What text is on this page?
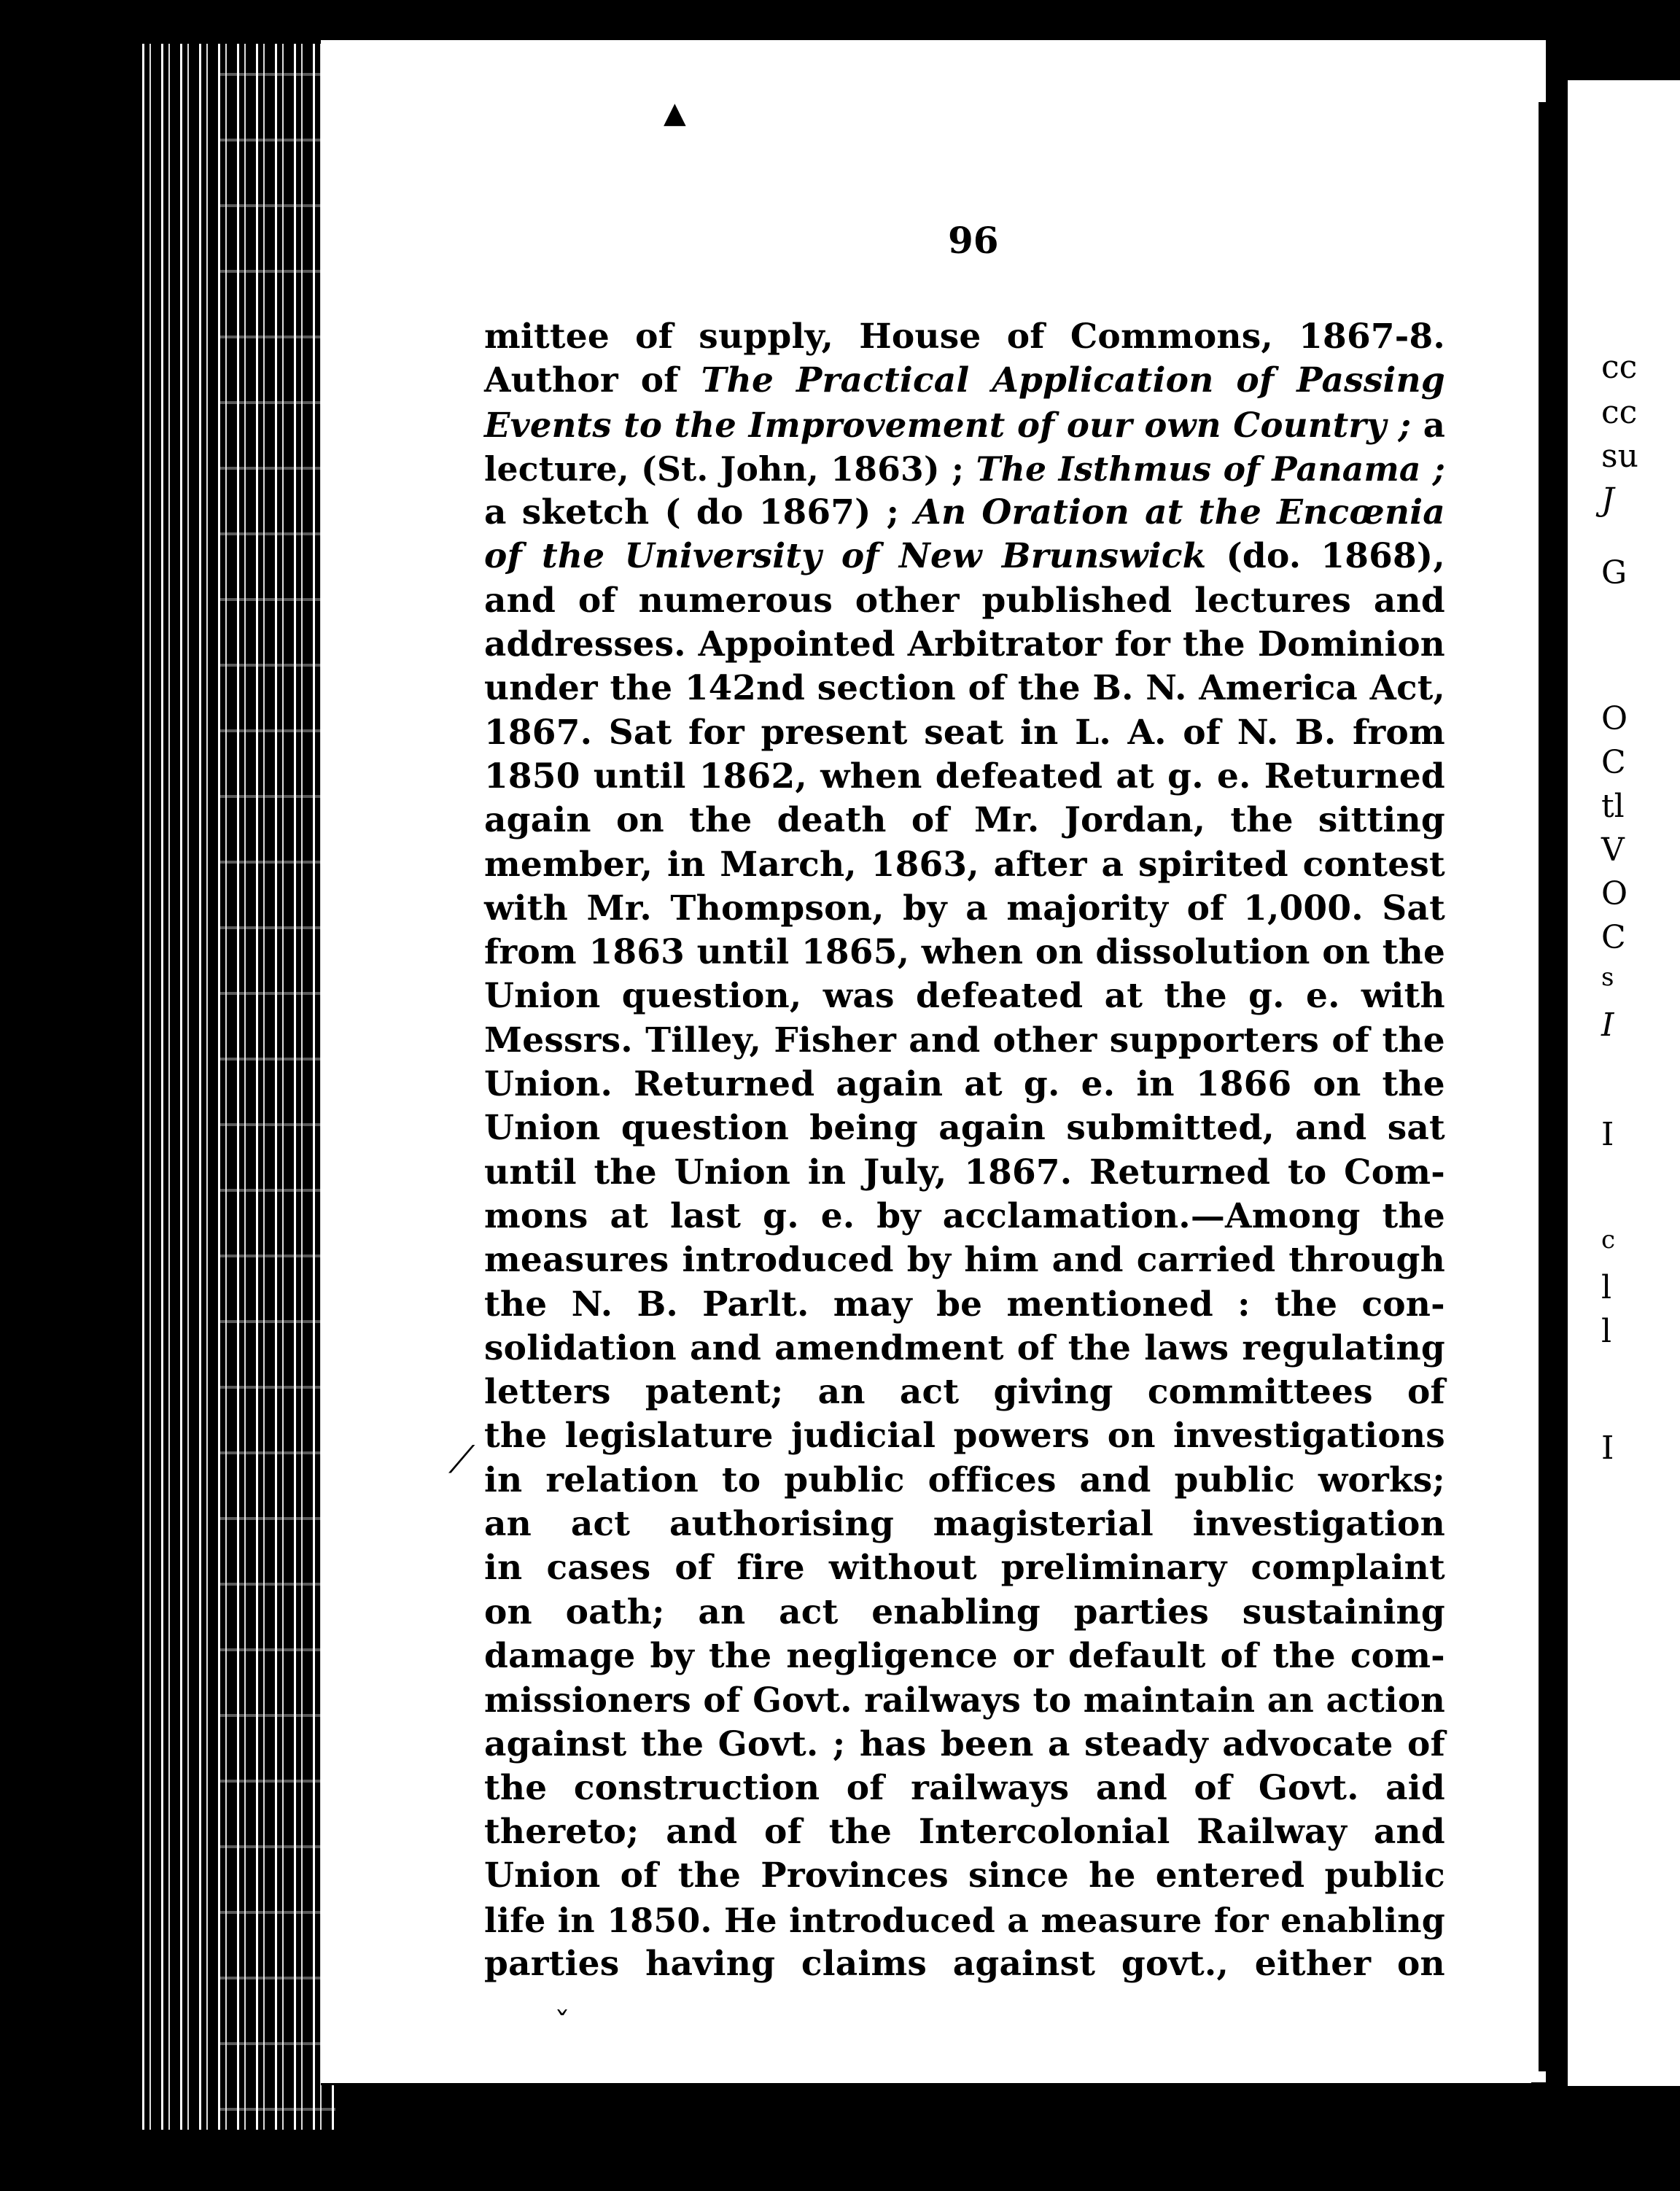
cc
cc
su
J
G
O
C
tl
V
O
C
s
I
I
c
l
l
I
96
mittee of supply, House of Commons, 1867-8.
Author of The Practical Application of Passing
Events to the Improvement of our own Country ; a
lecture, (St. John, 1863) ; The Isthmus of Panama ;
a sketch ( do 1867) ; An Oration at the Encœnia
of the University of New Brunswick (do. 1868),
and of numerous other published lectures and
addresses. Appointed Arbitrator for the Dominion
under the 142nd section of the B. N. America Act,
1867. Sat for present seat in L. A. of N. B. from
1850 until 1862, when defeated at g. e. Returned
again on the death of Mr. Jordan, the sitting
member, in March, 1863, after a spirited contest
with Mr. Thompson, by a majority of 1,000. Sat
from 1863 until 1865, when on dissolution on the
Union question, was defeated at the g. e. with
Messrs. Tilley, Fisher and other supporters of the
Union. Returned again at g. e. in 1866 on the
Union question being again submitted, and sat
until the Union in July, 1867. Returned to Com-
mons at last g. e. by acclamation.—Among the
measures introduced by him and carried through
the N. B. Parlt. may be mentioned : the con-
solidation and amendment of the laws regulating
letters patent; an act giving committees of
the legislature judicial powers on investigations
in relation to public offices and public works;
an act authorising magisterial investigation
in cases of fire without preliminary complaint
on oath; an act enabling parties sustaining
damage by the negligence or default of the com-
missioners of Govt. railways to maintain an action
against the Govt. ; has been a steady advocate of
the construction of railways and of Govt. aid
thereto; and of the Intercolonial Railway and
Union of the Provinces since he entered public
life in 1850. He introduced a measure for enabling
parties having claims against govt., either on
▲
⟋
ˇ
